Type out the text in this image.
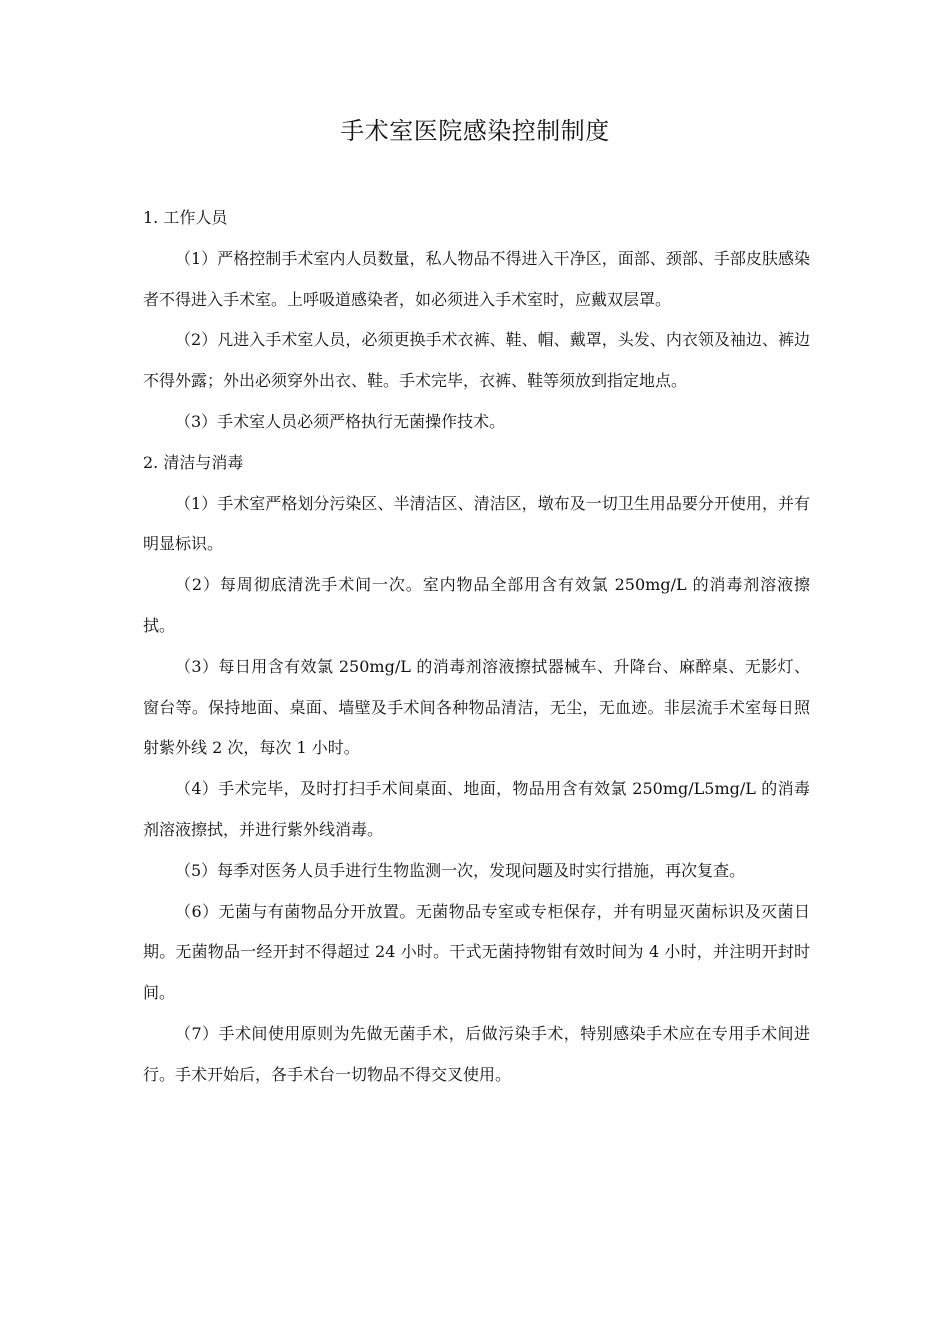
手术室医院感染控制制度

1. 工作人员

（1）严格控制手术室内人员数量，私人物品不得进入干净区，面部、颈部、手部皮肤感染者不得进入手术室。上呼吸道感染者，如必须进入手术室时，应戴双层罩。

（2）凡进入手术室人员，必须更换手术衣裤、鞋、帽、戴罩，头发、内衣领及袖边、裤边不得外露；外出必须穿外出衣、鞋。手术完毕，衣裤、鞋等须放到指定地点。

（3）手术室人员必须严格执行无菌操作技术。

2. 清洁与消毒

（1）手术室严格划分污染区、半清洁区、清洁区，墩布及一切卫生用品要分开使用，并有明显标识。

（2）每周彻底清洗手术间一次。室内物品全部用含有效氯 250mg/L 的消毒剂溶液擦拭。

（3）每日用含有效氯 250mg/L 的消毒剂溶液擦拭器械车、升降台、麻醉桌、无影灯、窗台等。保持地面、桌面、墙壁及手术间各种物品清洁，无尘，无血迹。非层流手术室每日照射紫外线 2 次，每次 1 小时。

（4）手术完毕，及时打扫手术间桌面、地面，物品用含有效氯 250mg/L5mg/L 的消毒剂溶液擦拭，并进行紫外线消毒。

（5）每季对医务人员手进行生物监测一次，发现问题及时实行措施，再次复查。

（6）无菌与有菌物品分开放置。无菌物品专室或专柜保存，并有明显灭菌标识及灭菌日期。无菌物品一经开封不得超过 24 小时。干式无菌持物钳有效时间为 4 小时，并注明开封时间。

（7）手术间使用原则为先做无菌手术，后做污染手术，特别感染手术应在专用手术间进行。手术开始后，各手术台一切物品不得交叉使用。
